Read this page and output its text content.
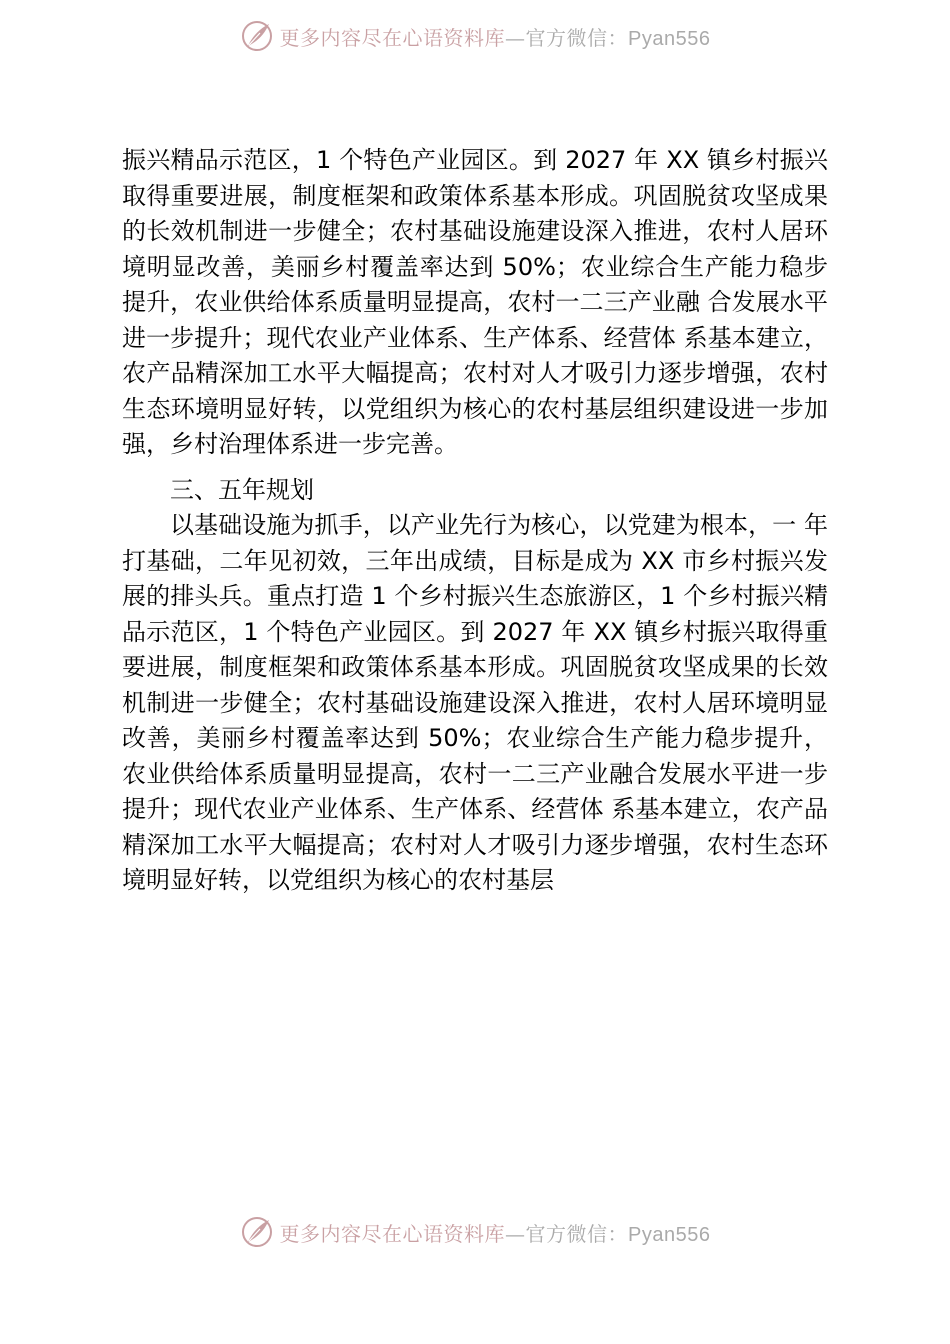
更多内容尽在心语资料库—官方微信：Pyan556

振兴精品示范区，1 个特色产业园区。到 2027 年 XX 镇乡村振兴取得重要进展，制度框架和政策体系基本形成。巩固脱贫攻坚成果的长效机制进一步健全；农村基础设施建设深入推进，农村人居环境明显改善，美丽乡村覆盖率达到 50%；农业综合生产能力稳步提升，农业供给体系质量明显提高，农村一二三产业融 合发展水平进一步提升；现代农业产业体系、生产体系、经营体 系基本建立，农产品精深加工水平大幅提高；农村对人才吸引力逐步增强，农村生态环境明显好转，以党组织为核心的农村基层组织建设进一步加强，乡村治理体系进一步完善。

三、五年规划

以基础设施为抓手，以产业先行为核心，以党建为根本，一 年打基础，二年见初效，三年出成绩，目标是成为 XX 市乡村振兴发展的排头兵。重点打造 1 个乡村振兴生态旅游区，1 个乡村振兴精品示范区，1 个特色产业园区。到 2027 年 XX 镇乡村振兴取得重要进展，制度框架和政策体系基本形成。巩固脱贫攻坚成果的长效机制进一步健全；农村基础设施建设深入推进，农村人居环境明显改善，美丽乡村覆盖率达到 50%；农业综合生产能力稳步提升，农业供给体系质量明显提高，农村一二三产业融合发展水平进一步提升；现代农业产业体系、生产体系、经营体 系基本建立，农产品精深加工水平大幅提高；农村对人才吸引力逐步增强，农村生态环境明显好转，以党组织为核心的农村基层

更多内容尽在心语资料库—官方微信：Pyan556
